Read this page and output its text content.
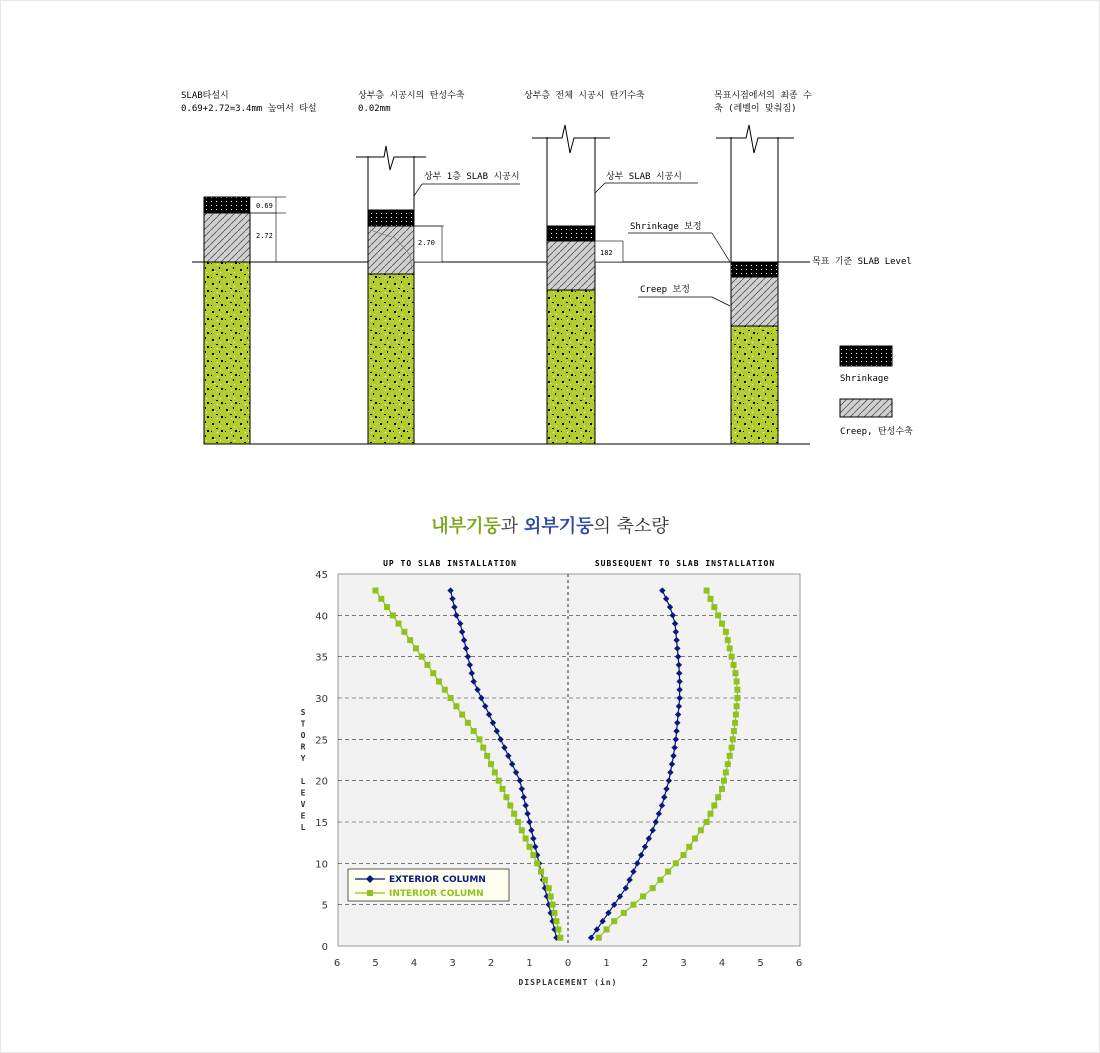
0.69
2.72
SLAB타설시
0.69+2.72=3.4mm 높여서 타설
2.70
상부층 시공시의 탄성수축
0.02mm
상부 1층 SLAB 시공시
182
상부층 전체 시공시 탄기수축
상부 SLAB 시공시
목표시점에서의 최종 수
축 (레벨이 맞춰짐)
Shrinkage 보정
Creep 보정
목표 기준 SLAB Level
Shrinkage
Creep, 탄성수축
내부기둥과 외부기둥의 축소량
0
5
10
15
20
25
30
35
40
45
6	5	4	3	2	1	0	1	2	3	4	5	6
UP TO SLAB INSTALLATION	SUBSEQUENT TO SLAB INSTALLATION
DISPLACEMENT (in)
S
T
O
R
Y
L
E
V
E
L
EXTERIOR COLUMN
INTERIOR COLUMN
